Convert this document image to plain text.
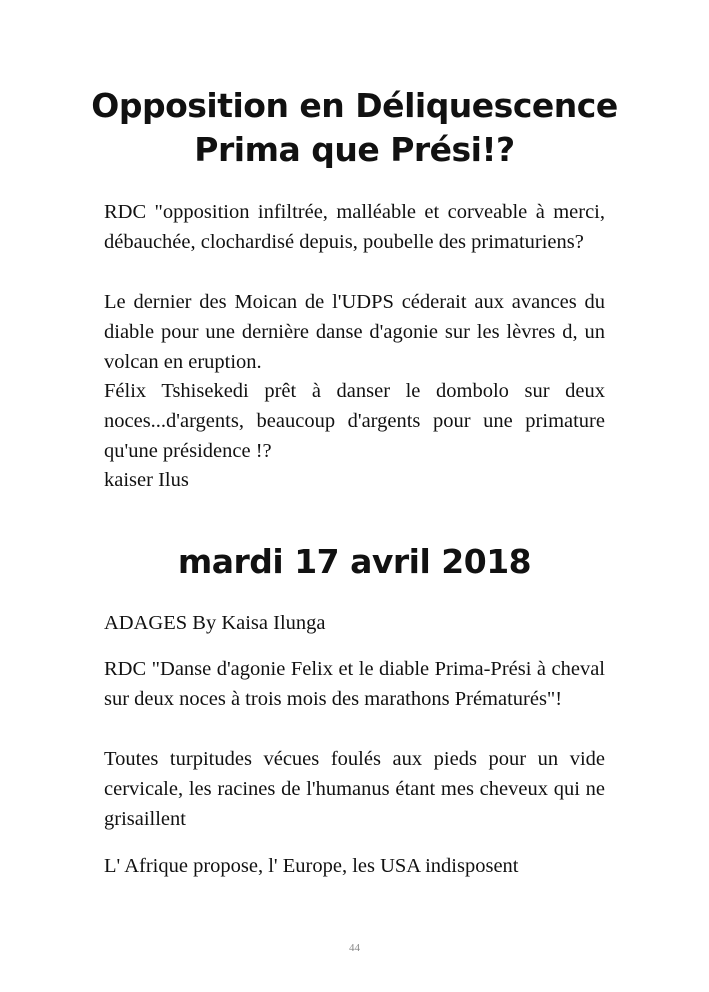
Opposition en Déliquescence
Prima que Prési!?

RDC "opposition infiltrée, malléable et corveable à merci, débauchée, clochardisé depuis, poubelle des primaturiens?

Le dernier des Moican de l'UDPS céderait aux avances du diable pour une dernière danse d'agonie sur les lèvres d, un volcan en eruption.

Félix Tshisekedi prêt à danser le dombolo sur deux noces...d'argents, beaucoup d'argents pour une primature qu'une présidence !?

kaiser Ilus

mardi 17 avril 2018

ADAGES By Kaisa Ilunga

RDC "Danse d'agonie Felix et le diable Prima-Prési à cheval sur deux noces à trois mois des marathons Prématurés"!

Toutes turpitudes vécues foulés aux pieds pour un vide cervicale, les racines de l'humanus étant mes cheveux qui ne grisaillent

L' Afrique propose, l' Europe, les USA indisposent

44
